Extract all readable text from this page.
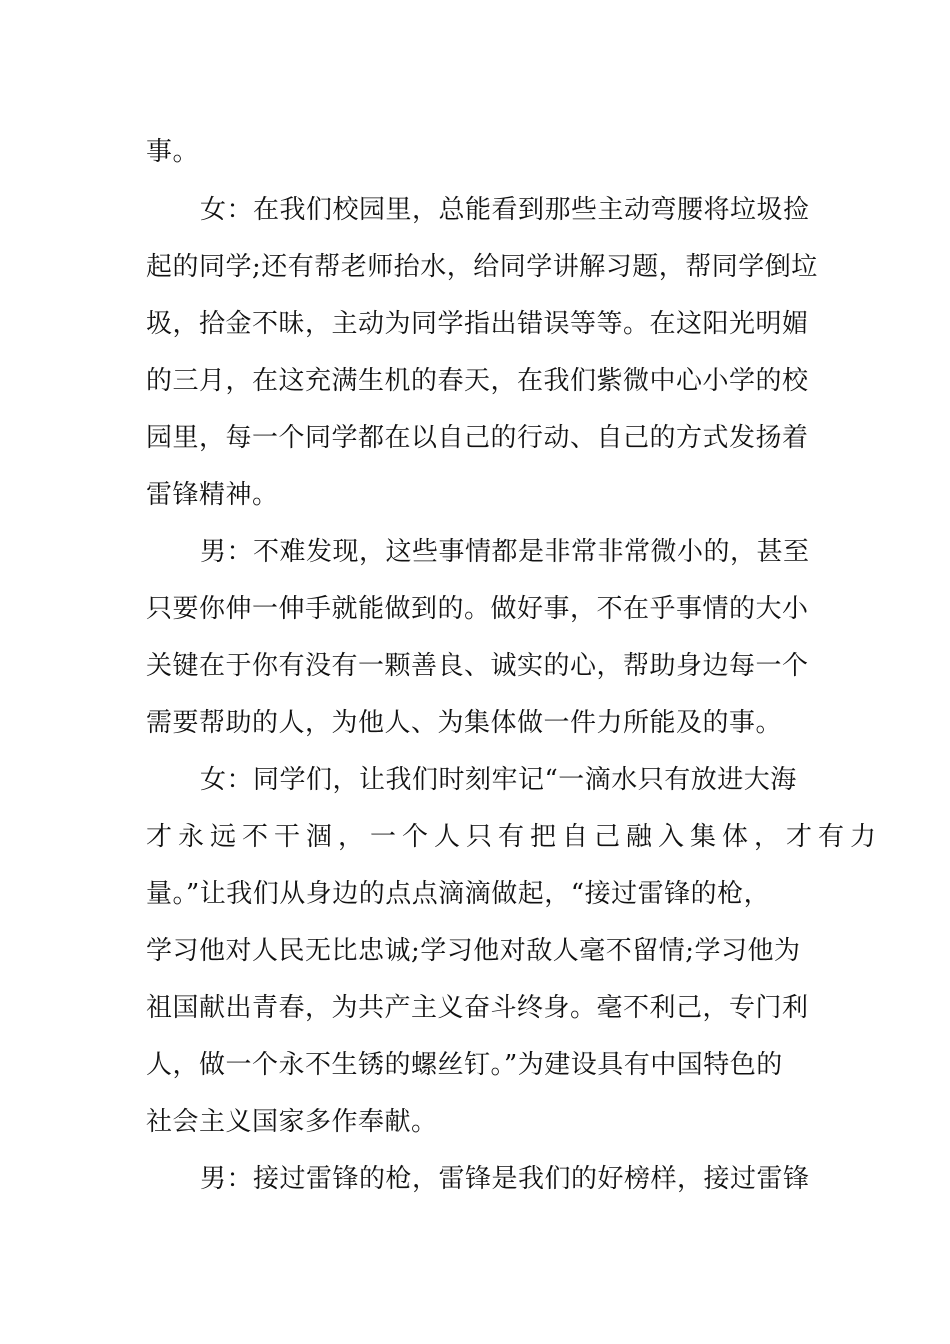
事。
女：在我们校园里，总能看到那些主动弯腰将垃圾捡
起的同学;还有帮老师抬水，给同学讲解习题，帮同学倒垃
圾，拾金不昧，主动为同学指出错误等等。在这阳光明媚
的三月，在这充满生机的春天，在我们紫微中心小学的校
园里，每一个同学都在以自己的行动、自己的方式发扬着
雷锋精神。
男：不难发现，这些事情都是非常非常微小的，甚至
只要你伸一伸手就能做到的。做好事，不在乎事情的大小
关键在于你有没有一颗善良、诚实的心，帮助身边每一个
需要帮助的人，为他人、为集体做一件力所能及的事。
女：同学们，让我们时刻牢记“一滴水只有放进大海
才永远不干涸，一个人只有把自己融入集体，才有力
量。”让我们从身边的点点滴滴做起，“接过雷锋的枪，
学习他对人民无比忠诚;学习他对敌人毫不留情;学习他为
祖国献出青春，为共产主义奋斗终身。毫不利己，专门利
人，做一个永不生锈的螺丝钉。”为建设具有中国特色的
社会主义国家多作奉献。
男：接过雷锋的枪，雷锋是我们的好榜样，接过雷锋
